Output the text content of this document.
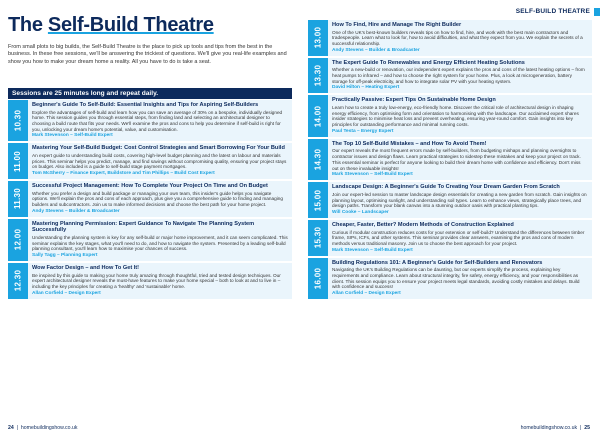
The Self-Build Theatre

From small plots to big builds, the Self-Build Theatre is the place to pick up tools and tips from the best in the business. In these free sessions, we'll be answering the trickiest of questions. We'll give you real-life examples and show you how to make your dream home a reality. All you have to do is take a seat.

Sessions are 25 minutes long and repeat daily.
10.30
Beginner's Guide To Self-Build: Essential Insights and Tips for Aspiring Self-Builders
Explore the advantages of self-build and learn how you can save an average of 30% on a bespoke, individually designed home. This session guides you through essential steps, from finding land and selecting an architectural designer to choosing a build route that fits your needs. We'll examine the pros and cons to help you determine if self-build is right for you, unlocking your dream home's potential, value, and customisation.
Mark Stevenson – Self-Build Expert
11.00
Mastering Your Self-Build Budget: Cost Control Strategies and Smart Borrowing For Your Build
An expert guide to understanding build costs, covering high-level budget planning and the latest on labour and materials prices. This seminar helps you predict, manage, and find savings without compromising quality, ensuring your project stays on budget. Also included is a guide to self-build stage payment mortgages.
Tom McSherry – Finance Expert, Buildstore and Tim Phillips – Build Cost Expert
11.30
Successful Project Management: How To Complete Your Project On Time and On Budget
Whether you prefer a design and build package or managing your own team, this insider's guide helps you navigate options. We'll explain the pros and cons of each approach, plus give you a comprehensive guide to finding and managing builders and subcontractors. Join us to make informed decisions and choose the best path for your home project.
Andy Stevens – Builder & Broadcaster
12.00
Mastering Planning Permission: Expert Guidance To Navigate The Planning System Successfully
Understanding the planning system is key for any self-build or major home improvement, and it can seem complicated. This seminar explains the key stages, what you'll need to do, and how to navigate the system. Presented by a leading self-build planning consultant, you'll learn how to maximise your chances of success.
Sally Tagg – Planning Expert
12.30
Wow Factor Design – and How To Get It!
Be inspired by this guide to making your home truly amazing through thoughtful, tried and tested design techniques. Our expert architectural designer reveals the must-have features to make your home special – both to look at and to live in – including the key principles for creating a 'healthy' and 'sustainable' home.
Allan Corfield – Design Expert
24  |  homebuildingshow.co.uk
SELF-BUILD THEATRE
13.00
How To Find, Hire and Manage The Right Builder
One of the UK's best-known builders reveals tips on how to find, hire, and work with the best main contractors and tradespeople. Learn what to look for, how to avoid difficulties, and what they expect from you. We explain the secrets of a successful relationship.
Andy Stevens – Builder & Broadcaster
13.30
The Expert Guide To Renewables and Energy Efficient Heating Solutions
Whether a new-build or renovation, our independent expert explains the pros and cons of the latest heating options – from heat pumps to infrared – and how to choose the right system for your home. Plus, a look at microgeneration, battery storage for off-peak electricity, and how to integrate solar PV with your heating system.
David Hilton – Heating Expert
14.00
Practically Passive: Expert Tips On Sustainable Home Design
Learn how to create a truly low-energy, eco-friendly home. Discover the critical role of architectural design in shaping energy efficiency, from optimising form and orientation to harmonising with the landscape. Our acclaimed expert shares insider strategies to minimise heat loss and prevent overheating, ensuring year-round comfort. Gain insights into key principles for outstanding performance and minimal running costs.
Paul Testa – Energy Expert
14.30
The Top 10 Self-Build Mistakes – and How To Avoid Them!
Our expert reveals the most frequent errors made by self-builders, from budgeting mishaps and planning oversights to contractor issues and design flaws. Learn practical strategies to sidestep these mistakes and keep your project on track. This essential seminar is perfect for anyone looking to build their dream home with confidence and efficiency. Don't miss out on these invaluable insights!
Mark Stevenson – Self-Build Expert
15.00
Landscape Design: A Beginner's Guide To Creating Your Dream Garden From Scratch
Join our expert-led session to master landscape design essentials for creating a new garden from scratch. Gain insights on planning layout, optimising sunlight, and understanding soil types. Learn to enhance views, strategically place trees, and design paths. Transform your blank canvas into a stunning outdoor oasis with practical planting tips.
Will Cooke – Landscaper
15.30
Cheaper, Faster, Better? Modern Methods of Construction Explained
Curious if modular construction reduces costs for your extension or self-build? Understand the differences between timber frame, SIPs, ICFs, and other systems. This seminar provides clear answers, examining the pros and cons of modern methods versus traditional masonry. Join us to choose the best approach for your project.
Mark Stevenson – Self-Build Expert
16.00
Building Regulations 101: A Beginner's Guide for Self-Builders and Renovators
Navigating the UK's Building Regulations can be daunting, but our experts simplify the process, explaining key requirements and compliance. Learn about structural integrity, fire safety, energy efficiency, and your responsibilities as client. This session equips you to ensure your project meets legal standards, avoiding costly mistakes and delays. Build with confidence and success!
Allan Corfield – Design Expert
homebuildingshow.co.uk  |  25
